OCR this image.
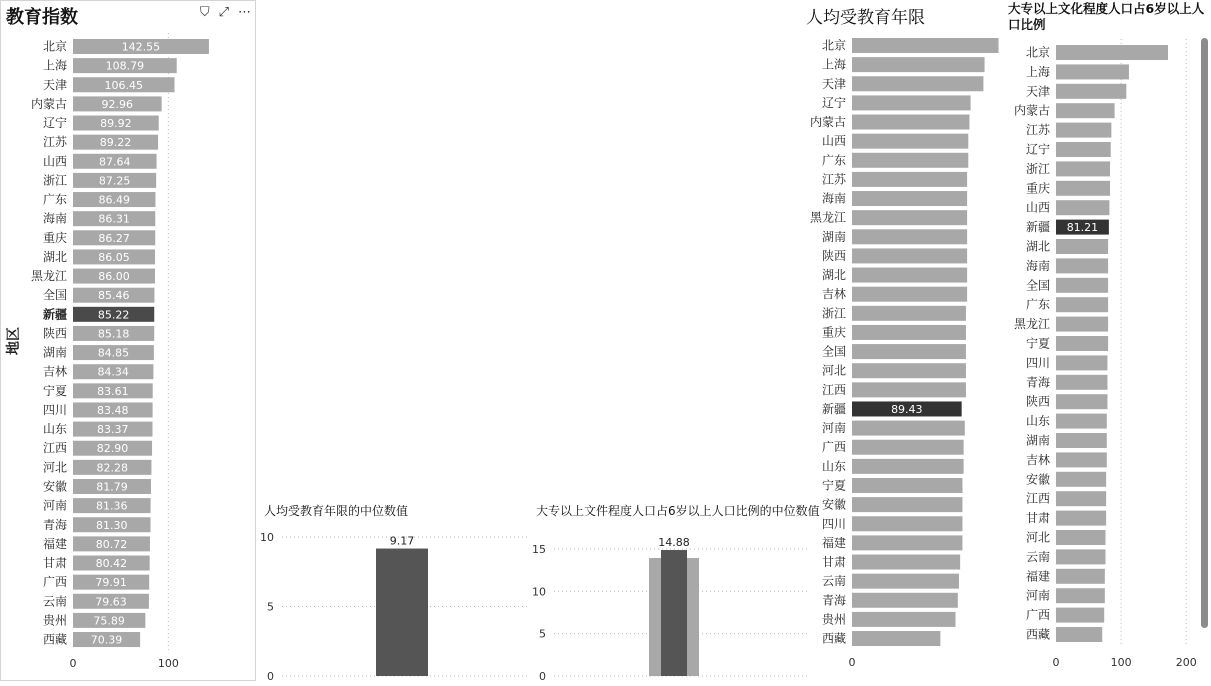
教育指数	⛉ ⤢ ⋯
地区
0	100
北京	142.55
上海	108.79
天津	106.45
内蒙古	92.96
辽宁	89.92
江苏	89.22
山西	87.64
浙江	87.25
广东	86.49
海南	86.31
重庆	86.27
湖北	86.05
黑龙江	86.00
全国	85.46
新疆	85.22
陕西	85.18
湖南	84.85
吉林	84.34
宁夏	83.61
四川	83.48
山东	83.37
江西	82.90
河北	82.28
安徽	81.79
河南	81.36
青海	81.30
福建	80.72
甘肃	80.42
广西	79.91
云南	79.63
贵州 75.89
西藏 70.39
人均受教育年限的中位数值
0
5
10	9.17
大专以上文件程度人口占6岁以上人口比例的中位数值
0
5
10
15
14.88
人均受教育年限
0
北京
上海
天津
辽宁
内蒙古
山西
广东
江苏
海南
黑龙江
湖南
陕西
湖北
吉林
浙江
重庆
全国
河北
江西
新疆	89.43
河南
广西
山东
宁夏
安徽
四川
福建
甘肃
云南
青海
贵州
西藏
大专以上文化程度人口占6岁以上人口比例
0	100	200
北京
上海
天津
内蒙古
江苏
辽宁
浙江
重庆
山西
新疆 81.21
湖北
海南
全国
广东
黑龙江
宁夏
四川
青海
陕西
山东
湖南
吉林
安徽
江西
甘肃
河北
云南
福建
河南
广西
西藏
